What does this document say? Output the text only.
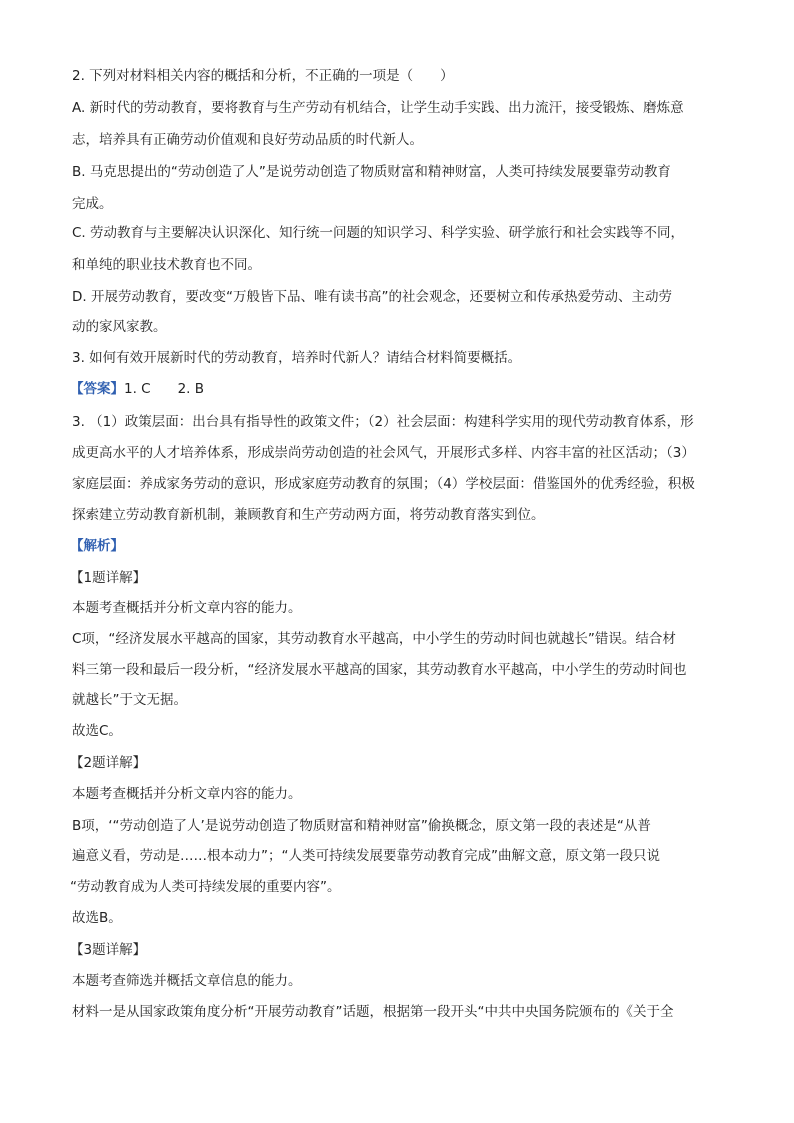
2. 下列对材料相关内容的概括和分析，不正确的一项是（　　）
A. 新时代的劳动教育，要将教育与生产劳动有机结合，让学生动手实践、出力流汗，接受锻炼、磨炼意
志，培养具有正确劳动价值观和良好劳动品质的时代新人。
B. 马克思提出的“劳动创造了人”是说劳动创造了物质财富和精神财富，人类可持续发展要靠劳动教育
完成。
C. 劳动教育与主要解决认识深化、知行统一问题的知识学习、科学实验、研学旅行和社会实践等不同，
和单纯的职业技术教育也不同。
D. 开展劳动教育，要改变“万般皆下品、唯有读书高”的社会观念，还要树立和传承热爱劳动、主动劳
动的家风家教。
3. 如何有效开展新时代的劳动教育，培养时代新人？请结合材料简要概括。
【答案】1. C　　2. B
3. （1）政策层面：出台具有指导性的政策文件；（2）社会层面：构建科学实用的现代劳动教育体系，形
成更高水平的人才培养体系，形成崇尚劳动创造的社会风气，开展形式多样、内容丰富的社区活动；（3）
家庭层面：养成家务劳动的意识，形成家庭劳动教育的氛围；（4）学校层面：借鉴国外的优秀经验，积极
探索建立劳动教育新机制，兼顾教育和生产劳动两方面，将劳动教育落实到位。
【解析】
【1题详解】
本题考查概括并分析文章内容的能力。
C项，“经济发展水平越高的国家，其劳动教育水平越高，中小学生的劳动时间也就越长”错误。结合材
料三第一段和最后一段分析，“经济发展水平越高的国家，其劳动教育水平越高，中小学生的劳动时间也
就越长”于文无据。
故选C。
【2题详解】
本题考查概括并分析文章内容的能力。
B项，‘“劳动创造了人’是说劳动创造了物质财富和精神财富”偷换概念，原文第一段的表述是“从普
遍意义看，劳动是……根本动力”；“人类可持续发展要靠劳动教育完成”曲解文意，原文第一段只说
“劳动教育成为人类可持续发展的重要内容”。
故选B。
【3题详解】
本题考查筛选并概括文章信息的能力。
材料一是从国家政策角度分析“开展劳动教育”话题，根据第一段开头“中共中央国务院颁布的《关于全
